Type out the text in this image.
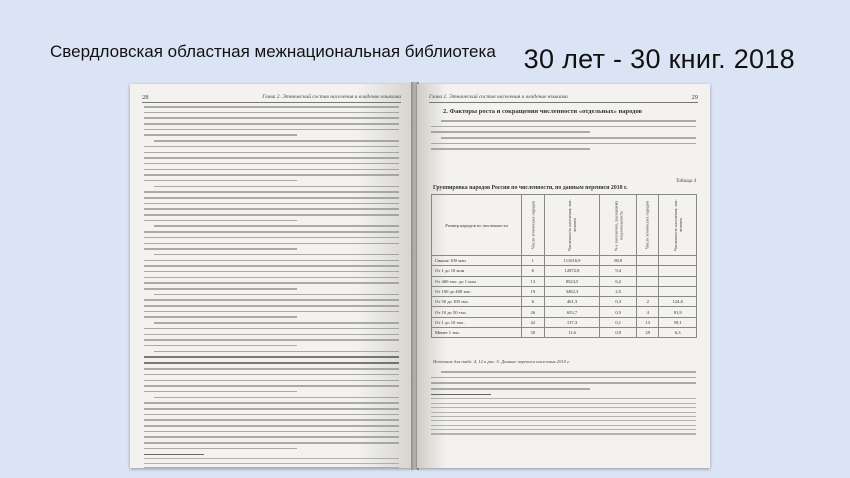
Свердловская областная межнациональная библиотека 30 лет - 30 книг. 2018
28	Глава 2. Этнический состав населения и владение языками	Глава 2. Этнический состав населения и владение языками	29
2. Факторы роста и сокращения численности «отдельных» народов
Таблица 4
Группировка народов России по численности, по данным переписи 2010 г.
Размер народов по численности	Число этнических народов	Численность населения, тыс. человек	% к населению, указавшему национальность	Число этнических народов	Численность населения, тыс. человек
Свыше 100 млн	1	111016,9	80,9		
От 1 до 10 млн	6	12872,8	9,4		
От 400 тыс. до 1 млн	13	8524,5	6,2		
От 100 до 400 тыс.	19	3482,3	2,5		
От 50 до 100 тыс.	6	461,3	0,3	2	124,6
От 10 до 50 тыс.	26	653,7	0,5	4	81,9
От 1 до 10 тыс.	42	137,3	0,1	13	59,1
Менее 1 тыс.	30	11,6	0,0	29	6,3
Источник для табл. 4, 12 и рис. 5: Данные переписи населения 2010 г.
